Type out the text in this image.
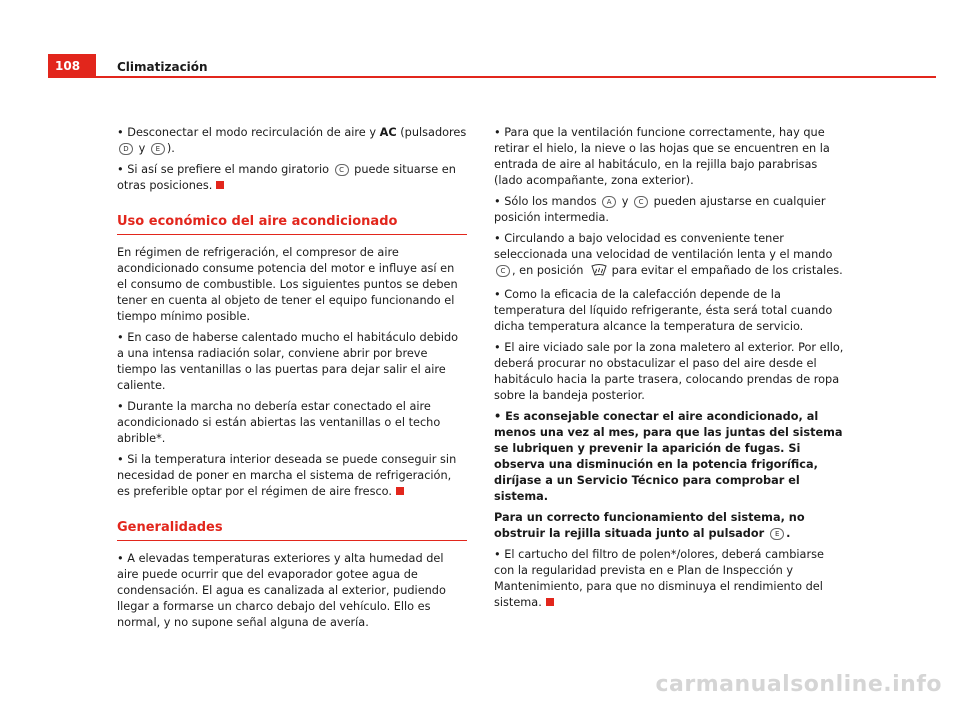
108	Climatización

• Desconectar el modo recirculación de aire y AC (pulsadores D y E ).

• Si así se prefiere el mando giratorio C puede situarse en otras posiciones.

Uso económico del aire acondicionado

En régimen de refrigeración, el compresor de aire acondicionado consume potencia del motor e influye así en el consumo de combustible. Los siguientes puntos se deben tener en cuenta al objeto de tener el equipo funcionando el tiempo mínimo posible.

• En caso de haberse calentado mucho el habitáculo debido a una intensa radiación solar, conviene abrir por breve tiempo las ventanillas o las puertas para dejar salir el aire caliente.

• Durante la marcha no debería estar conectado el aire acondicionado si están abiertas las ventanillas o el techo abrible*.

• Si la temperatura interior deseada se puede conseguir sin necesidad de poner en marcha el sistema de refrigeración, es preferible optar por el régimen de aire fresco.

Generalidades

• A elevadas temperaturas exteriores y alta humedad del aire puede ocurrir que del evaporador gotee agua de condensación. El agua es canalizada al exterior, pudiendo llegar a formarse un charco debajo del vehículo. Ello es normal, y no supone señal alguna de avería.

• Para que la ventilación funcione correctamente, hay que retirar el hielo, la nieve o las hojas que se encuentren en la entrada de aire al habitáculo, en la rejilla bajo parabrisas (lado acompañante, zona exterior).

• Sólo los mandos A y C pueden ajustarse en cualquier posición intermedia.

• Circulando a bajo velocidad es conveniente tener seleccionada una velocidad de ventilación lenta y el mando C , en posición  para evitar el empañado de los cristales.

• Como la eficacia de la calefacción depende de la temperatura del líquido refrigerante, ésta será total cuando dicha temperatura alcance la temperatura de servicio.

• El aire viciado sale por la zona maletero al exterior. Por ello, deberá procurar no obstaculizar el paso del aire desde el habitáculo hacia la parte trasera, colocando prendas de ropa sobre la bandeja posterior.

• Es aconsejable conectar el aire acondicionado, al menos una vez al mes, para que las juntas del sistema se lubriquen y prevenir la aparición de fugas. Si observa una disminución en la potencia frigorífica, diríjase a un Servicio Técnico para comprobar el sistema.

Para un correcto funcionamiento del sistema, no obstruir la rejilla situada junto al pulsador E .

• El cartucho del filtro de polen*/olores, deberá cambiarse con la regularidad prevista en e Plan de Inspección y Mantenimiento, para que no disminuya el rendimiento del sistema.

carmanualsonline.info
